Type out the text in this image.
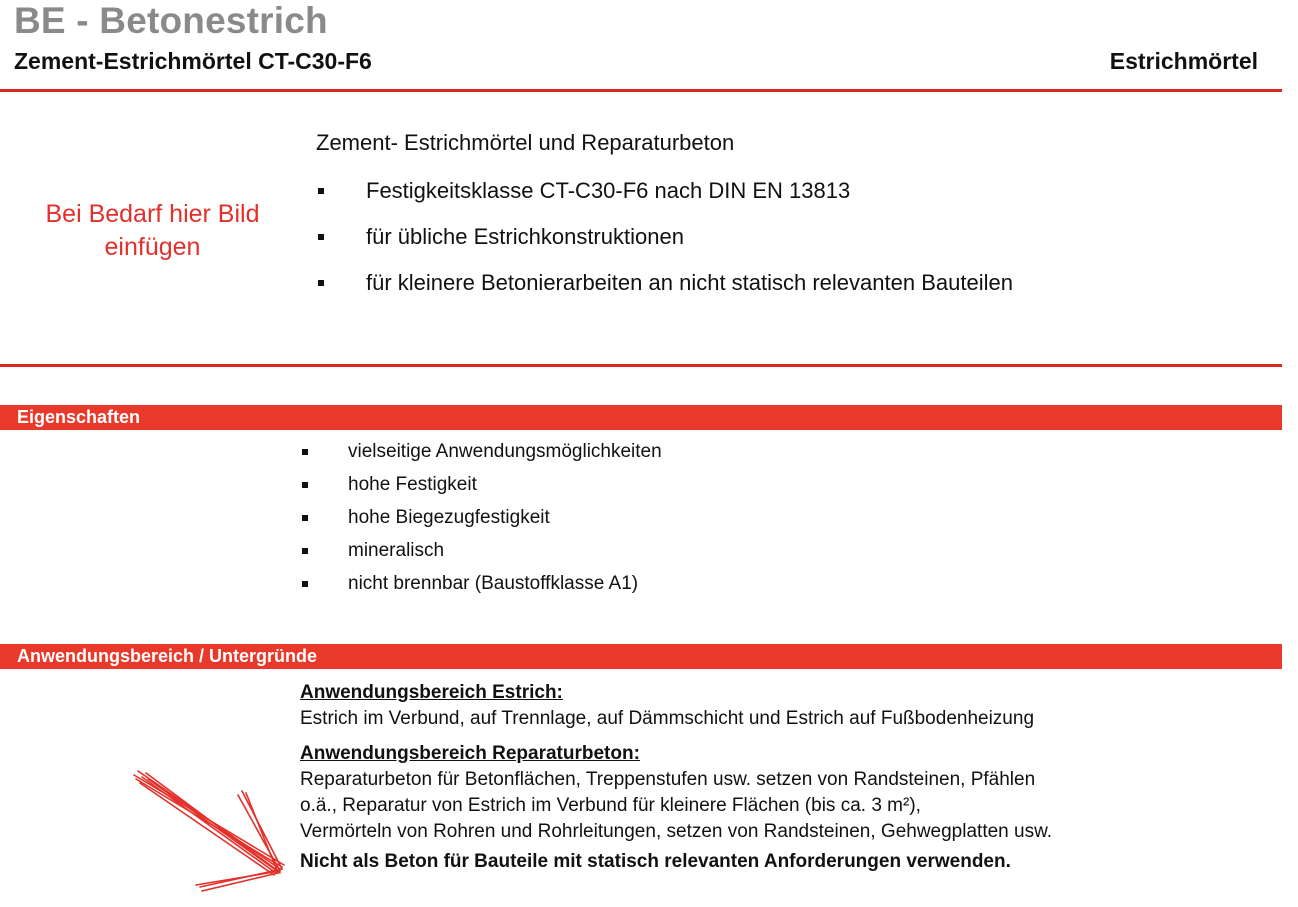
BE - Betonestrich
Zement-Estrichmörtel CT-C30-F6	Estrichmörtel
Bei Bedarf hier Bild
einfügen
Zement- Estrichmörtel und Reparaturbeton
Festigkeitsklasse CT-C30-F6 nach DIN EN 13813
für übliche Estrichkonstruktionen
für kleinere Betonierarbeiten an nicht statisch relevanten Bauteilen
Eigenschaften
vielseitige Anwendungsmöglichkeiten
hohe Festigkeit
hohe Biegezugfestigkeit
mineralisch
nicht brennbar (Baustoffklasse A1)
Anwendungsbereich / Untergründe
Anwendungsbereich Estrich:
Estrich im Verbund, auf Trennlage, auf Dämmschicht und Estrich auf Fußbodenheizung
Anwendungsbereich Reparaturbeton:
Reparaturbeton für Betonflächen, Treppenstufen usw. setzen von Randsteinen, Pfählen
o.ä., Reparatur von Estrich im Verbund für kleinere Flächen (bis ca. 3 m²),
Vermörteln von Rohren und Rohrleitungen, setzen von Randsteinen, Gehwegplatten usw.
Nicht als Beton für Bauteile mit statisch relevanten Anforderungen verwenden.
